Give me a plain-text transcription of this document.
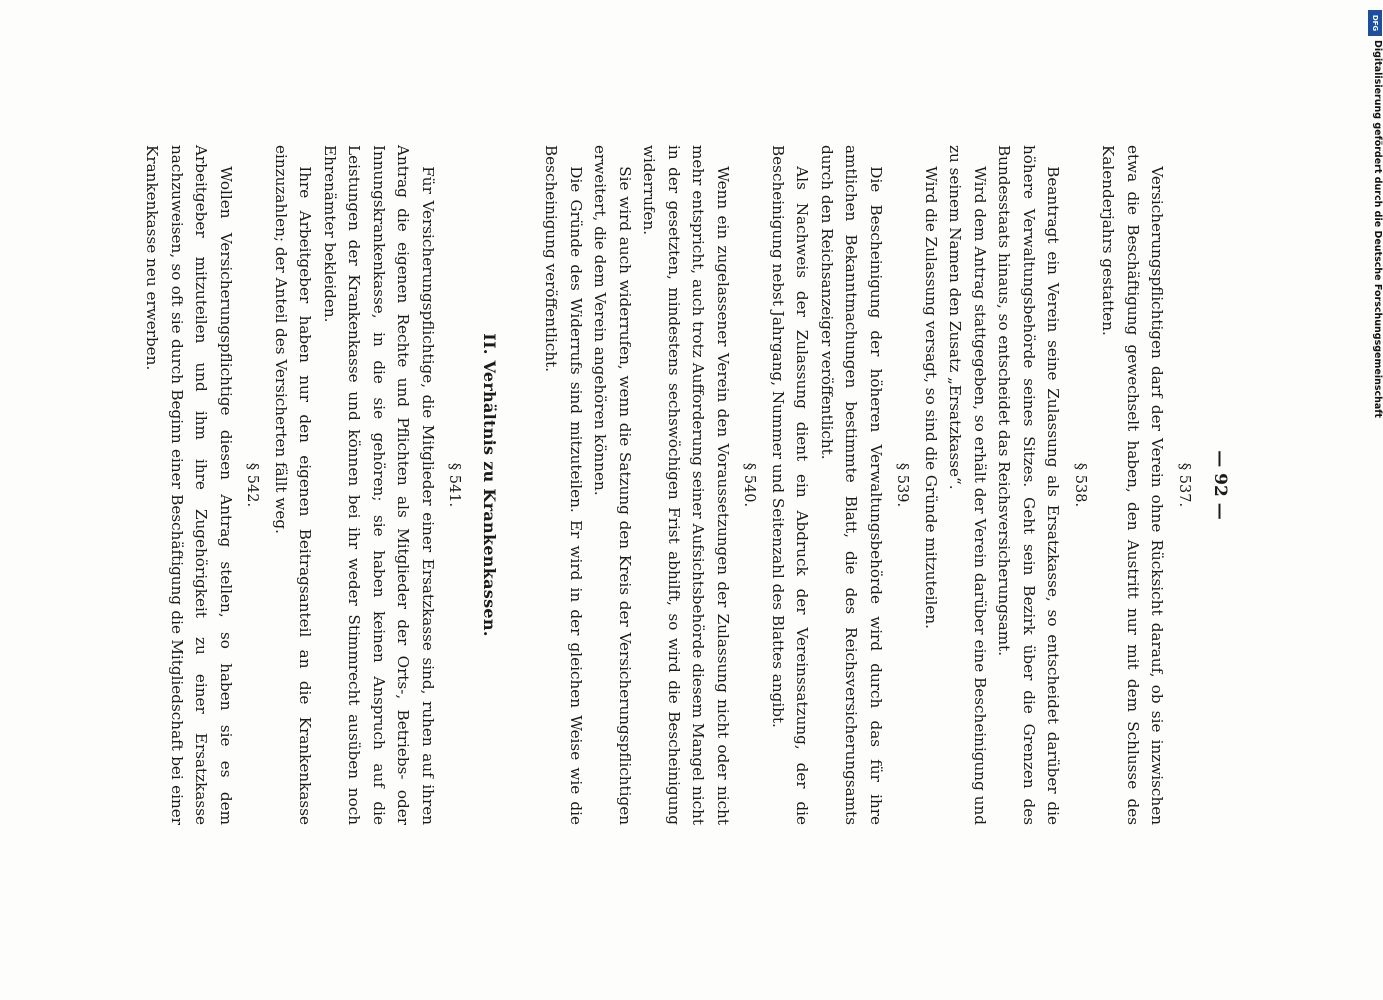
— 92 —
§ 537.

Versicherungspflichtigen darf der Verein ohne Rücksicht darauf, ob sie inzwischen etwa die Beschäftigung gewechselt haben, den Austritt nur mit dem Schlusse des Kalenderjahrs gestatten.

§ 538.

Beantragt ein Verein seine Zulassung als Ersatzkasse, so entscheidet darüber die höhere Verwaltungsbehörde seines Sitzes. Geht sein Bezirk über die Grenzen des Bundesstaats hinaus, so entscheidet das Reichsversicherungsamt.

Wird dem Antrag stattgegeben, so erhält der Verein darüber eine Bescheinigung und zu seinem Namen den Zusatz „Ersatzkasse“.

Wird die Zulassung versagt, so sind die Gründe mitzuteilen.

§ 539.

Die Bescheinigung der höheren Verwaltungsbehörde wird durch das für ihre amtlichen Bekanntmachungen bestimmte Blatt, die des Reichsversicherungsamts durch den Reichsanzeiger veröffentlicht.

Als Nachweis der Zulassung dient ein Abdruck der Vereinssatzung, der die Bescheinigung nebst Jahrgang, Nummer und Seitenzahl des Blattes angibt.

§ 540.

Wenn ein zugelassener Verein den Voraussetzungen der Zulassung nicht oder nicht mehr entspricht, auch trotz Aufforderung seiner Aufsichtsbehörde diesem Mangel nicht in der gesetzten, mindestens sechswöchigen Frist abhilft, so wird die Bescheinigung widerrufen.

Sie wird auch widerrufen, wenn die Satzung den Kreis der Versicherungspflichtigen erweitert, die dem Verein angehören können.

Die Gründe des Widerrufs sind mitzuteilen. Er wird in der gleichen Weise wie die Bescheinigung veröffentlicht.

II. Verhältnis zu Krankenkassen.
§ 541.

Für Versicherungspflichtige, die Mitglieder einer Ersatzkasse sind, ruhen auf ihren Antrag die eigenen Rechte und Pflichten als Mitglieder der Orts-, Betriebs- oder Innungskrankenkasse, in die sie gehören; sie haben keinen Anspruch auf die Leistungen der Krankenkasse und können bei ihr weder Stimmrecht ausüben noch Ehrenämter bekleiden.

Ihre Arbeitgeber haben nur den eigenen Beitragsanteil an die Krankenkasse einzuzahlen; der Anteil des Versicherten fällt weg.

§ 542.

Wollen Versicherungspflichtige diesen Antrag stellen, so haben sie es dem Arbeitgeber mitzuteilen und ihm ihre Zugehörigkeit zu einer Ersatzkasse nachzuweisen, so oft sie durch Beginn einer Beschäftigung die Mitgliedschaft bei einer Krankenkasse neu erwerben.

DFG
Digitalisierung gefördert durch die Deutsche Forschungsgemeinschaft
